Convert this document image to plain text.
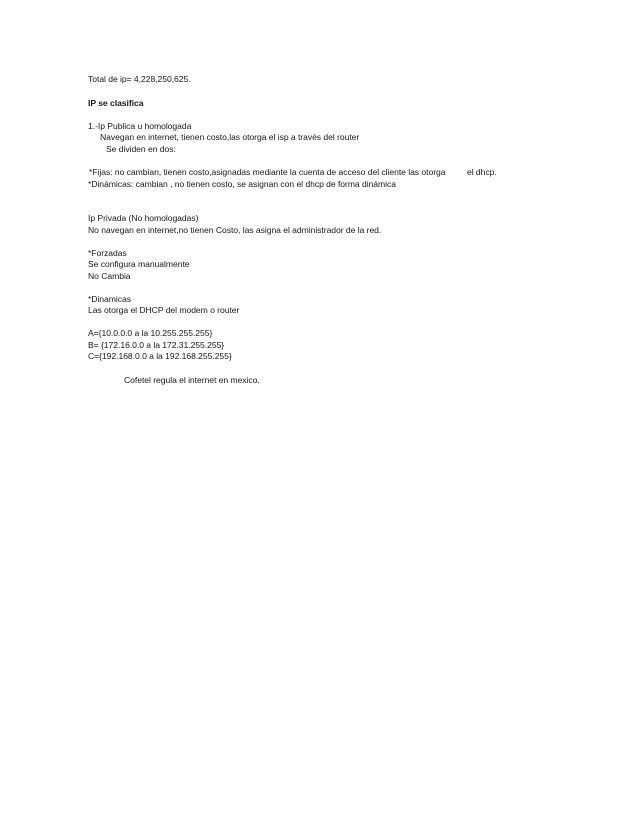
Total de ip= 4,228,250,625.
IP se clasifica
1.-Ip Publica u homologada
Navegan en internet, tienen costo,las otorga el isp a través del router
Se dividen en dos:
*Fijas: no cambian, tienen costo,asignadas mediante la cuenta de acceso del cliente las otorga	el dhcp.
*Dinámicas: cambian , no tienen costo, se asignan con el dhcp de forma dinámica
Ip Privada (No homologadas)
No navegan en internet,no tienen Costo, las asigna el administrador de la red.
*Forzadas
Se configura manualmente
No Cambia
*Dinamicas
Las otorga el DHCP del modem o router
A={10.0.0.0 a la 10.255.255.255}
B= {172.16.0.0 a la 172.31.255.255}
C={192.168.0.0 a la 192.168.255.255}
Cofetel regula el internet en mexico.
